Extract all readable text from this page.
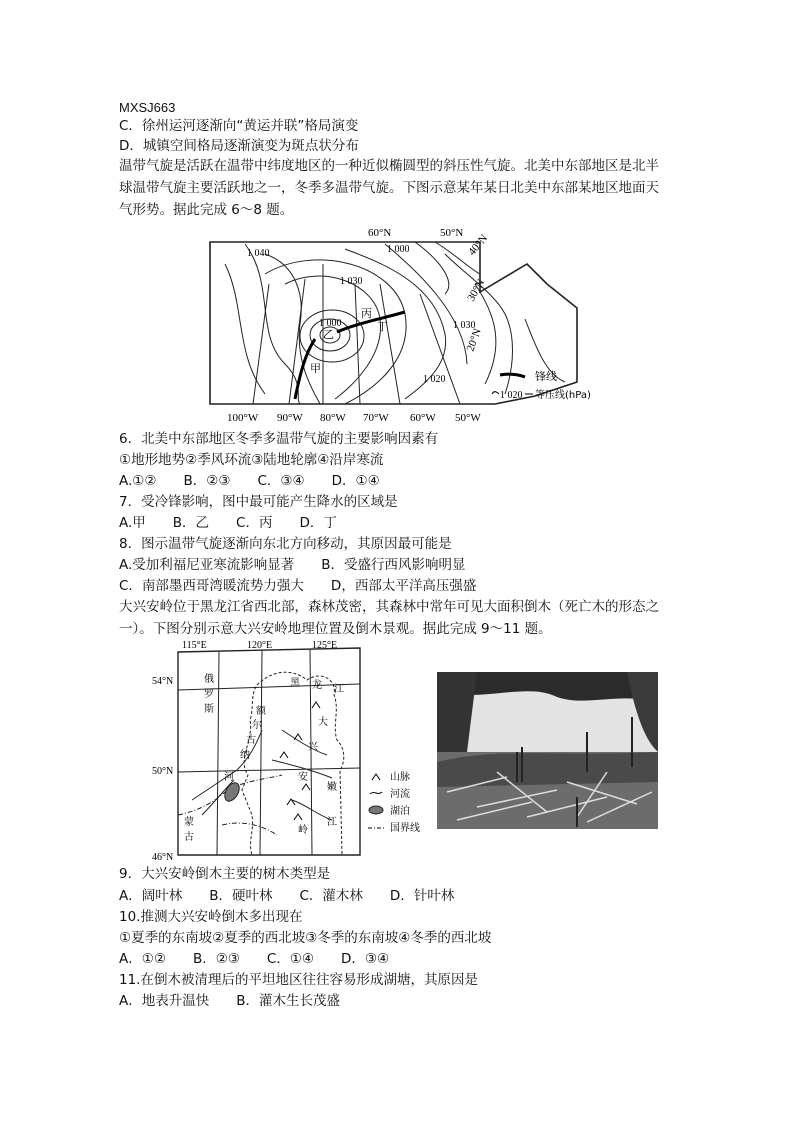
MXSJ663
C．徐州运河逐渐向“黄运并联”格局演变
D．城镇空间格局逐渐演变为斑点状分布
温带气旋是活跃在温带中纬度地区的一种近似椭圆型的斜压性气旋。北美中东部地区是北半
球温带气旋主要活跃地之一，冬季多温带气旋。下图示意某年某日北美中东部某地区地面天
气形势。据此完成 6～8 题。
60°N	50°N 40°N
30°N
20°N
100°W 90°W 80°W 70°W 60°W 50°W
1 040	1 000
1 030
1 000	1 030
1 020
甲
乙
丙
丁
锋线
1 020 等压线(hPa)
6．北美中东部地区冬季多温带气旋的主要影响因素有
①地形地势②季风环流③陆地轮廓④沿岸寒流
A.①②　　B．②③　　C．③④　　D．①④
7．受冷锋影响，图中最可能产生降水的区域是
A.甲　　B．乙　　C．丙　　D．丁
8．图示温带气旋逐渐向东北方向移动，其原因最可能是
A.受加利福尼亚寒流影响显著　　B．受盛行西风影响明显
C．南部墨西哥湾暖流势力强大　　D，西部太平洋高压强盛
大兴安岭位于黑龙江省西北部，森林茂密，其森林中常年可见大面积倒木（死亡木的形态之
一）。下图分别示意大兴安岭地理位置及倒木景观。据此完成 9～11 题。
115°E	120°E	125°E
54°N
50°N
46°N
俄
罗
斯
蒙
古
额
尔
古
纳
河
黑 龙 江
大
兴
安
岭
嫩
江
山脉
河流
湖泊
国界线
9．大兴安岭倒木主要的树木类型是
A．阔叶林　　B．硬叶林　　C．灌木林　　D．针叶林
10.推测大兴安岭倒木多出现在
①夏季的东南坡②夏季的西北坡③冬季的东南坡④冬季的西北坡
A．①②　　B．②③　　C．①④　　D．③④
11.在倒木被清理后的平坦地区往往容易形成湖塘，其原因是
A．地表升温快　　B．灌木生长茂盛
